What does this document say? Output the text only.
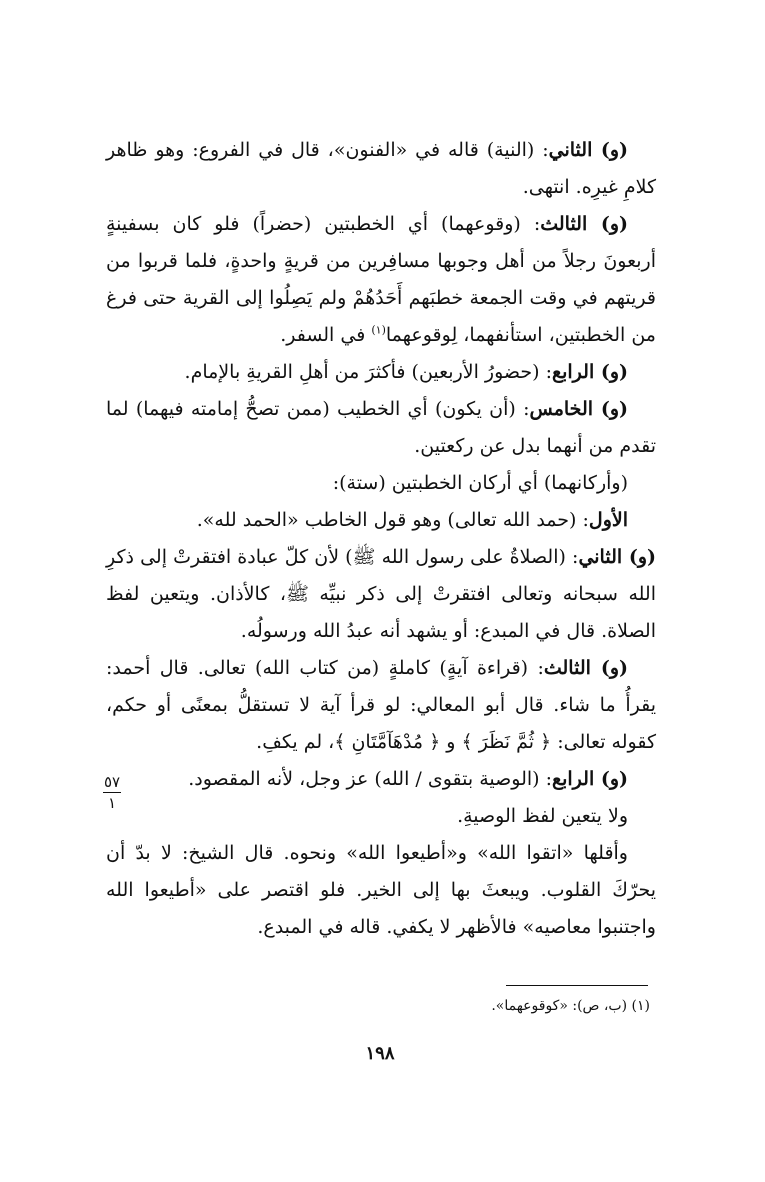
(و) الثاني: (النية) قاله في «الفنون»، قال في الفروع: وهو ظاهر كلامِ غيرِه. انتهى.

(و) الثالث: (وقوعهما) أي الخطبتين (حضراً) فلو كان بسفينةٍ أربعونَ رجلاً من أهل وجوبها مسافِرين من قريةٍ واحدةٍ، فلما قربوا من قريتهم في وقت الجمعة خطبَهم أَحَدُهُمْ ولم يَصِلُوا إلى القرية حتى فرغ من الخطبتين، استأنفهما، لِوقوعهما$^{(١)}$ في السفر.

(و) الرابع: (حضورُ الأربعين) فأكثرَ من أهلِ القريةِ بالإمام.

(و) الخامس: (أن يكون) أي الخطيب (ممن تصحُّ إمامته فيهما) لما تقدم من أنهما بدل عن ركعتين.

(وأركانهما) أي أركان الخطبتين (ستة):

الأول: (حمد الله تعالى) وهو قول الخاطب «الحمد لله».

(و) الثاني: (الصلاةُ على رسول الله ﷺ) لأن كلّ عبادة افتقرتْ إلى ذكرِ الله سبحانه وتعالى افتقرتْ إلى ذكر نبيِّه ﷺ، كالأذان. ويتعين لفظ الصلاة. قال في المبدع: أو يشهد أنه عبدُ الله ورسولُه.

(و) الثالث: (قراءة آيةٍ) كاملةٍ (من كتاب الله) تعالى. قال أحمد: يقرأُ ما شاء. قال أبو المعالي: لو قرأ آية لا تستقلُّ بمعنًى أو حكم، كقوله تعالى: ﴿ ثُمَّ نَظَرَ ﴾ و ﴿ مُدْهَآمَّتَانِ ﴾، لم يكفِ.

(و) الرابع: (الوصية بتقوى / الله) عز وجل، لأنه المقصود.

ولا يتعين لفظ الوصيةِ.

وأقلها «اتقوا الله» و«أطيعوا الله» ونحوه. قال الشيخ: لا بدّ أن يحرّكَ القلوب. ويبعثَ بها إلى الخير. فلو اقتصر على «أطيعوا الله واجتنبوا معاصيه» فالأظهر لا يكفي. قاله في المبدع.

٥٧
١
(١) (ب، ص): «كوقوعهما».
١٩٨
